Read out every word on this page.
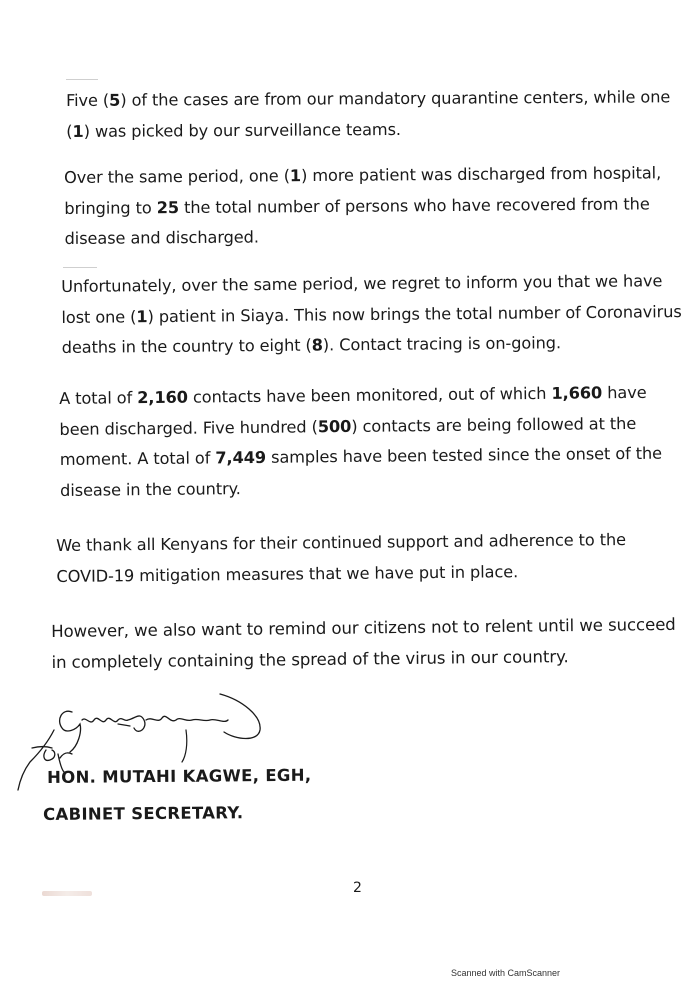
Five (5) of the cases are from our mandatory quarantine centers, while one
(1) was picked by our surveillance teams.

Over the same period, one (1) more patient was discharged from hospital,
bringing to 25 the total number of persons who have recovered from the
disease and discharged.

Unfortunately, over the same period, we regret to inform you that we have
lost one (1) patient in Siaya. This now brings the total number of Coronavirus
deaths in the country to eight (8). Contact tracing is on-going.

A total of 2,160 contacts have been monitored, out of which 1,660 have
been discharged. Five hundred (500) contacts are being followed at the
moment. A total of 7,449 samples have been tested since the onset of the
disease in the country.

We thank all Kenyans for their continued support and adherence to the
COVID-19 mitigation measures that we have put in place.

However, we also want to remind our citizens not to relent until we succeed
in completely containing the spread of the virus in our country.

HON. MUTAHI KAGWE, EGH,

CABINET SECRETARY.

2

Scanned with CamScanner
